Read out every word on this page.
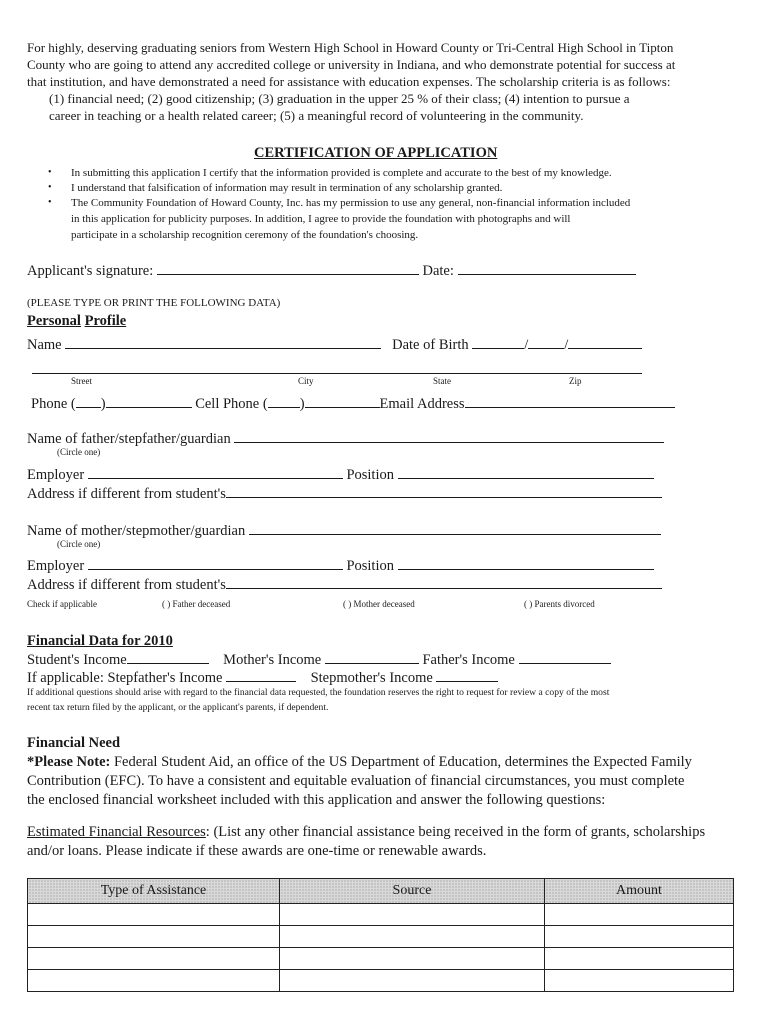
For highly, deserving graduating seniors from Western High School in Howard County or Tri-Central High School in Tipton
County who are going to attend any accredited college or university in Indiana, and who demonstrate potential for success at
that institution, and have demonstrated a need for assistance with education expenses. The scholarship criteria is as follows:
(1) financial need; (2) good citizenship; (3) graduation in the upper 25 % of their class; (4) intention to pursue a
career in teaching or a health related career; (5) a meaningful record of volunteering in the community.
CERTIFICATION OF APPLICATION
• In submitting this application I certify that the information provided is complete and accurate to the best of my knowledge.
• I understand that falsification of information may result in termination of any scholarship granted.
• The Community Foundation of Howard County, Inc. has my permission to use any general, non-financial information included
in this application for publicity purposes. In addition, I agree to provide the foundation with photographs and will
participate in a scholarship recognition ceremony of the foundation's choosing.
Applicant's signature:	Date:
(PLEASE TYPE OR PRINT THE FOLLOWING DATA)
Personal Profile
Name	Date of Birth	/ /
Street	City	State	Zip
Phone ( )	Cell Phone ( )	Email Address
Name of father/stepfather/guardian
(Circle one)
Employer	Position
Address if different from student's
Name of mother/stepmother/guardian
(Circle one)
Employer	Position
Address if different from student's
Check if applicable	( ) Father deceased	( ) Mother deceased	( ) Parents divorced
Financial Data for 2010
Student's Income	Mother's Income	Father's Income
If applicable: Stepfather's Income	Stepmother's Income
If additional questions should arise with regard to the financial data requested, the foundation reserves the right to request for review a copy of the most
recent tax return filed by the applicant, or the applicant's parents, if dependent.
Financial Need
*Please Note: Federal Student Aid, an office of the US Department of Education, determines the Expected Family
Contribution (EFC). To have a consistent and equitable evaluation of financial circumstances, you must complete
the enclosed financial worksheet included with this application and answer the following questions:
Estimated Financial Resources: (List any other financial assistance being received in the form of grants, scholarships
and/or loans. Please indicate if these awards are one-time or renewable awards.
Type of Assistance	Source	Amount
